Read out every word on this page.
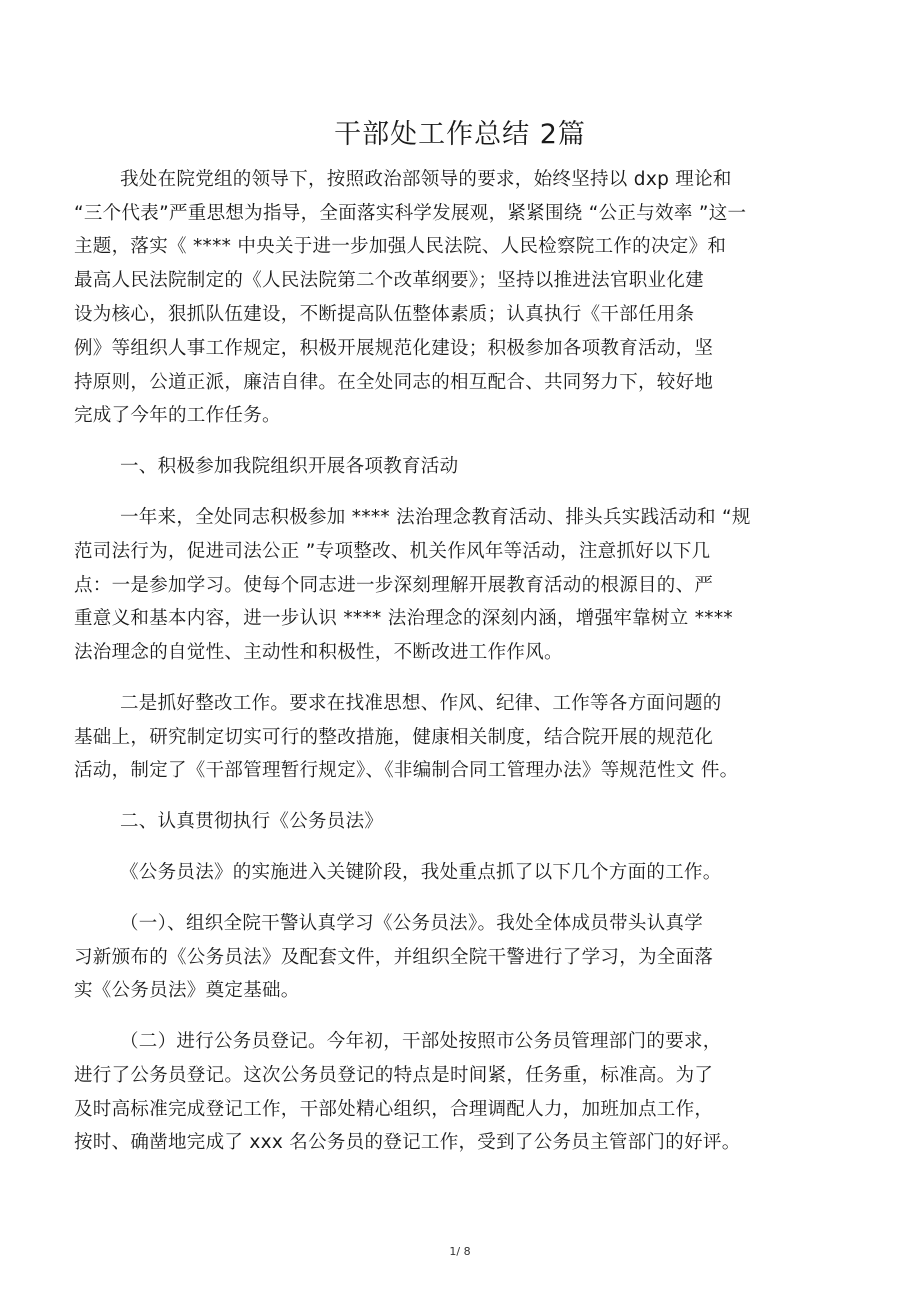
干部处工作总结 2篇
我处在院党组的领导下，按照政治部领导的要求，始终坚持以 dxp 理论和
“三个代表”严重思想为指导，全面落实科学发展观，紧紧围绕 “公正与效率 ”这一
主题，落实《 **** 中央关于进一步加强人民法院、人民检察院工作的决定》和
最高人民法院制定的《人民法院第二个改革纲要》；坚持以推进法官职业化建
设为核心，狠抓队伍建设，不断提高队伍整体素质；认真执行《干部任用条
例》等组织人事工作规定，积极开展规范化建设；积极参加各项教育活动，坚
持原则，公道正派，廉洁自律。在全处同志的相互配合、共同努力下，较好地
完成了今年的工作任务。
一、积极参加我院组织开展各项教育活动
一年来，全处同志积极参加 **** 法治理念教育活动、排头兵实践活动和 “规
范司法行为，促进司法公正 ”专项整改、机关作风年等活动，注意抓好以下几
点：一是参加学习。使每个同志进一步深刻理解开展教育活动的根源目的、严
重意义和基本内容，进一步认识 **** 法治理念的深刻内涵，增强牢靠树立 ****
法治理念的自觉性、主动性和积极性，不断改进工作作风。
二是抓好整改工作。要求在找准思想、作风、纪律、工作等各方面问题的
基础上，研究制定切实可行的整改措施，健康相关制度，结合院开展的规范化
活动，制定了《干部管理暂行规定》、《非编制合同工管理办法》等规范性文 件。
二、认真贯彻执行《公务员法》
《公务员法》的实施进入关键阶段，我处重点抓了以下几个方面的工作。
（一）、组织全院干警认真学习《公务员法》。我处全体成员带头认真学
习新颁布的《公务员法》及配套文件，并组织全院干警进行了学习，为全面落
实《公务员法》奠定基础。
（二）进行公务员登记。今年初，干部处按照市公务员管理部门的要求，
进行了公务员登记。这次公务员登记的特点是时间紧，任务重，标准高。为了
及时高标准完成登记工作，干部处精心组织，合理调配人力，加班加点工作，
按时、确凿地完成了 xxx 名公务员的登记工作，受到了公务员主管部门的好评。
1/ 8
